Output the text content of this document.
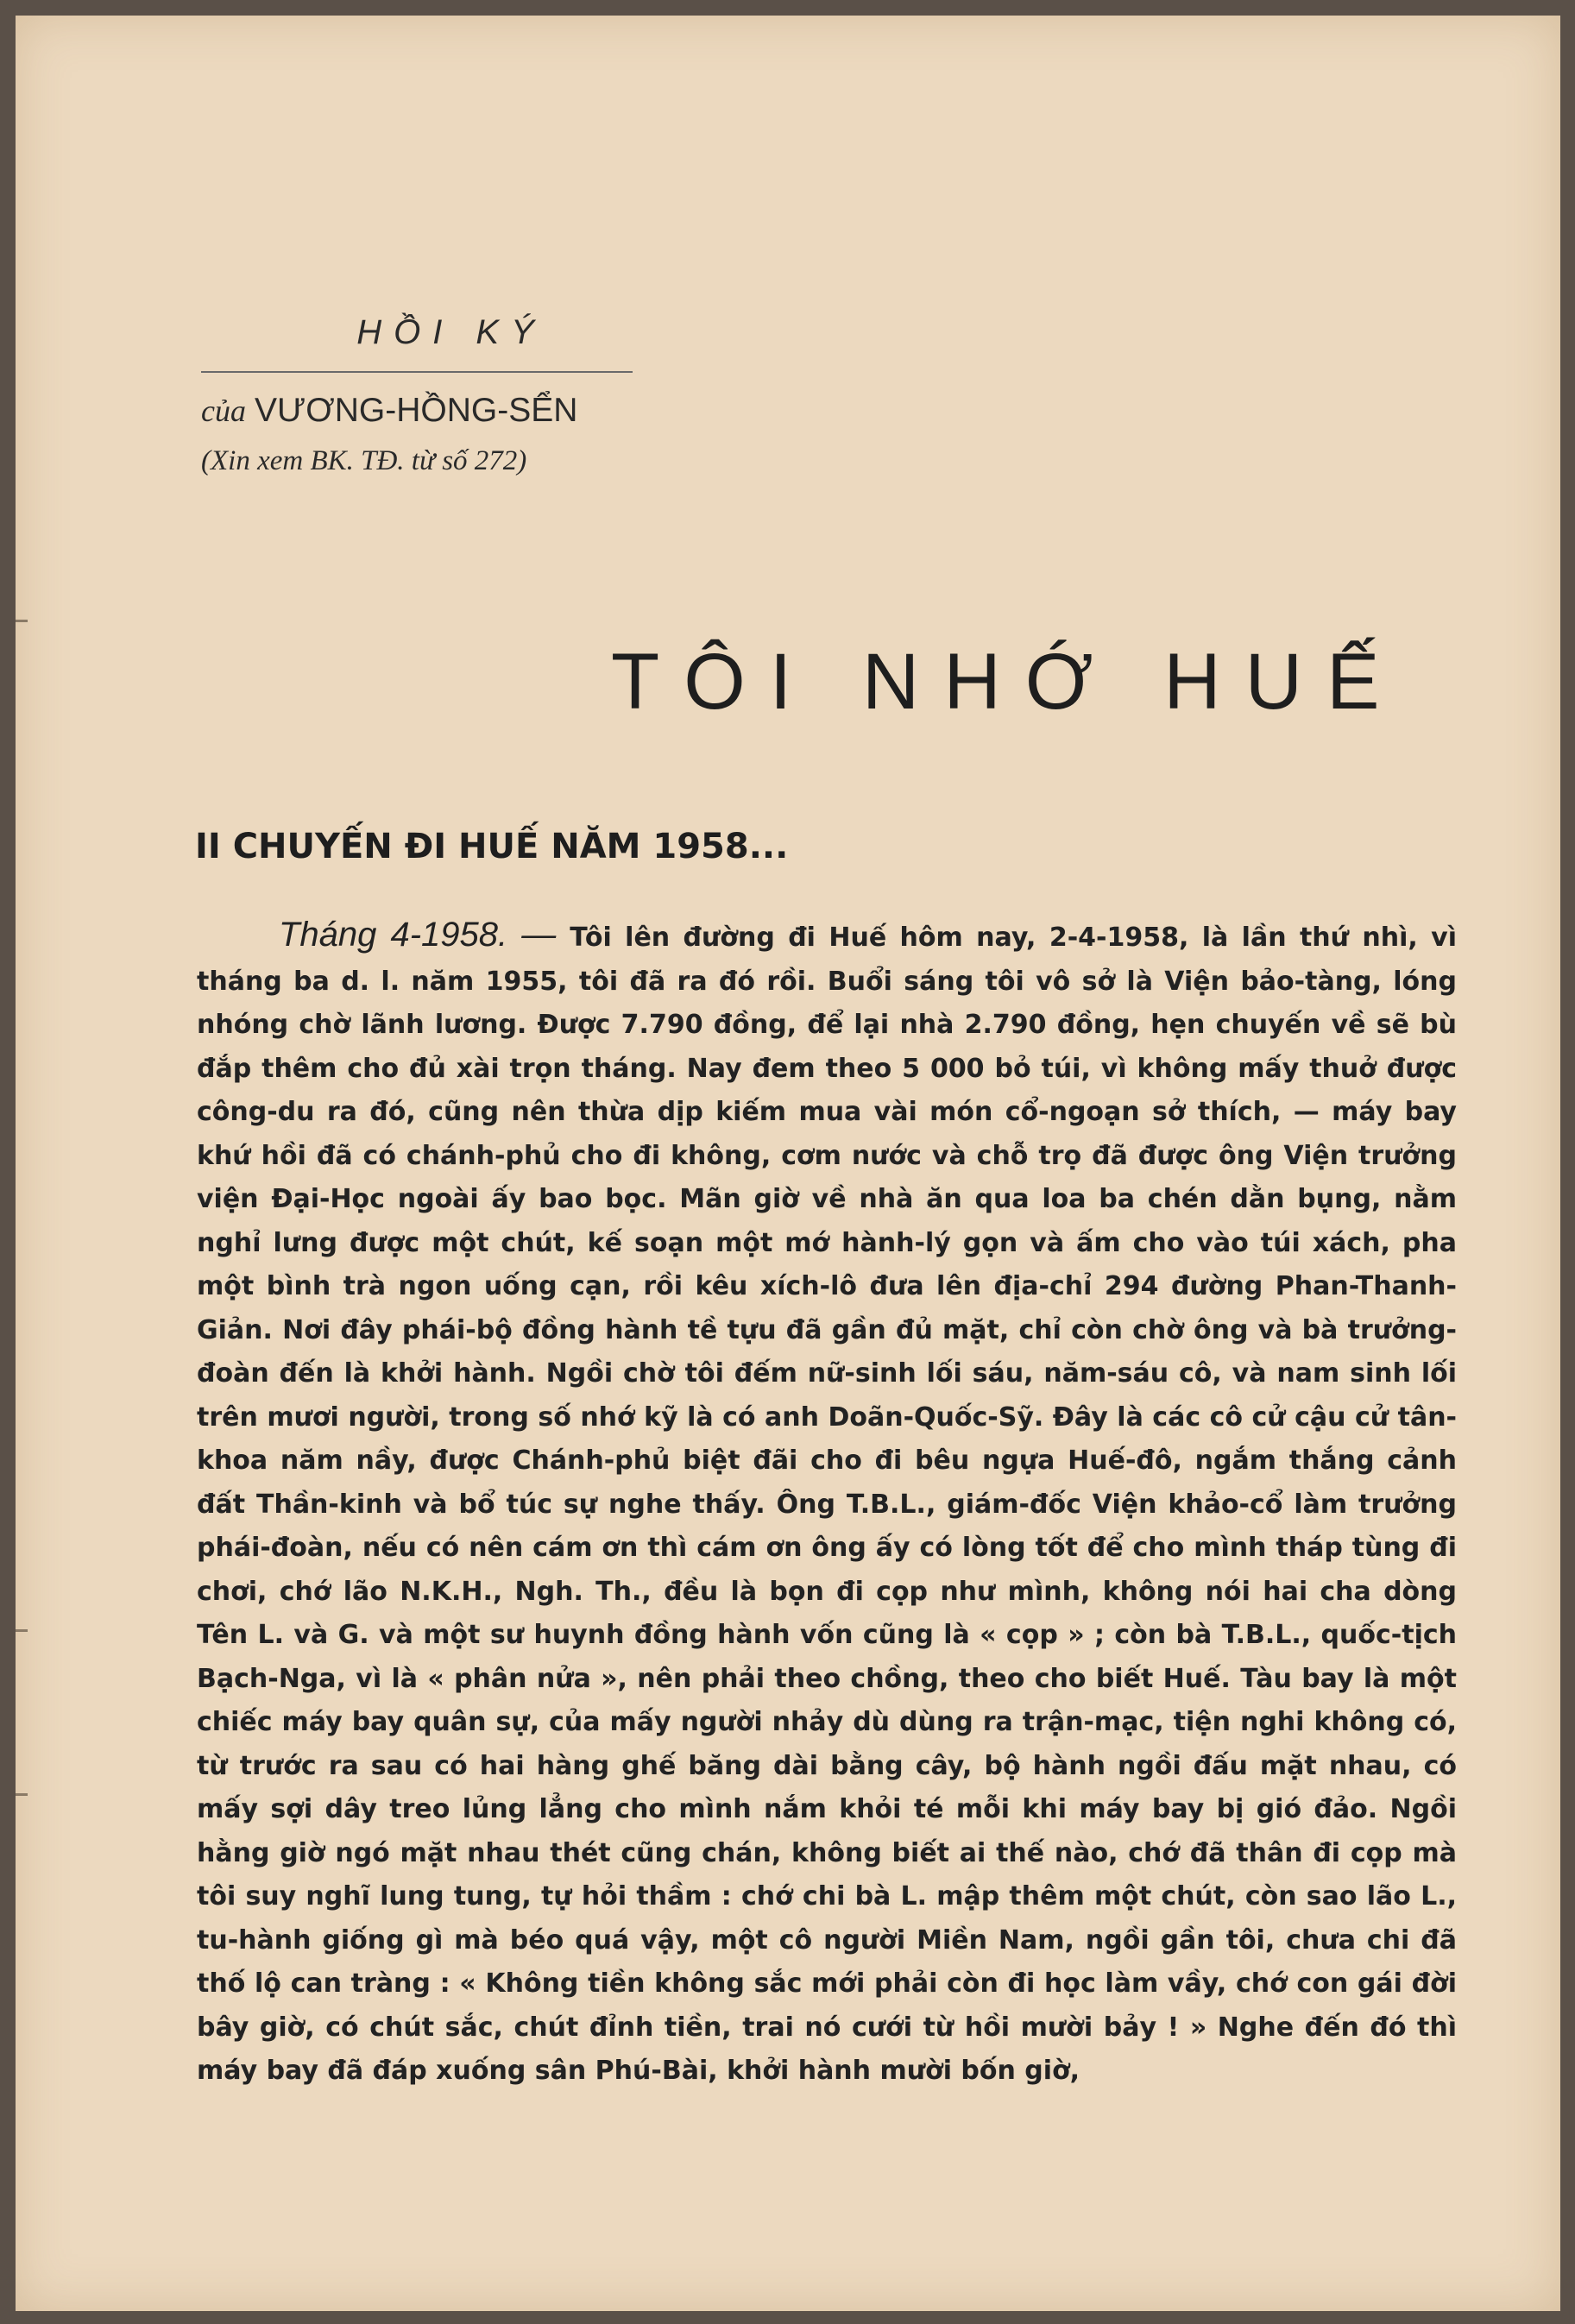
HỒI KÝ
của VƯƠNG-HỒNG-SỂN
(Xin xem BK. TĐ. từ số 272)
TÔI NHỚ HUẾ
II CHUYẾN ĐI HUẾ NĂM 1958...
Tháng 4-1958. — Tôi lên đường đi Huế hôm nay, 2-4-1958, là lần thứ nhì, vì tháng ba d. l. năm 1955, tôi đã ra đó rồi. Buổi sáng tôi vô sở là Viện bảo-tàng, lóng nhóng chờ lãnh lương. Được 7.790 đồng, để lại nhà 2.790 đồng, hẹn chuyến về sẽ bù đắp thêm cho đủ xài trọn tháng. Nay đem theo 5 000 bỏ túi, vì không mấy thuở được công-du ra đó, cũng nên thừa dịp kiếm mua vài món cổ-ngoạn sở thích, — máy bay khứ hồi đã có chánh-phủ cho đi không, cơm nước và chỗ trọ đã được ông Viện trưởng viện Đại-Học ngoài ấy bao bọc. Mãn giờ về nhà ăn qua loa ba chén dằn bụng, nằm nghỉ lưng được một chút, kế soạn một mớ hành-lý gọn và ấm cho vào túi xách, pha một bình trà ngon uống cạn, rồi kêu xích-lô đưa lên địa-chỉ 294 đường Phan-Thanh-Giản. Nơi đây phái-bộ đồng hành tề tựu đã gần đủ mặt, chỉ còn chờ ông và bà trưởng-đoàn đến là khởi hành. Ngồi chờ tôi đếm nữ-sinh lối sáu, năm-sáu cô, và nam sinh lối trên mươi người, trong số nhớ kỹ là có anh Doãn-Quốc-Sỹ. Đây là các cô cử cậu cử tân-khoa năm nầy, được Chánh-phủ biệt đãi cho đi bêu ngựa Huế-đô, ngắm thắng cảnh đất Thần-kinh và bổ túc sự nghe thấy. Ông T.B.L., giám-đốc Viện khảo-cổ làm trưởng phái-đoàn, nếu có nên cám ơn thì cám ơn ông ấy có lòng tốt để cho mình tháp tùng đi chơi, chớ lão N.K.H., Ngh. Th., đều là bọn đi cọp như mình, không nói hai cha dòng Tên L. và G. và một sư huynh đồng hành vốn cũng là « cọp » ; còn bà T.B.L., quốc-tịch Bạch-Nga, vì là « phân nửa », nên phải theo chồng, theo cho biết Huế. Tàu bay là một chiếc máy bay quân sự, của mấy người nhảy dù dùng ra trận-mạc, tiện nghi không có, từ trước ra sau có hai hàng ghế băng dài bằng cây, bộ hành ngồi đấu mặt nhau, có mấy sợi dây treo lủng lẳng cho mình nắm khỏi té mỗi khi máy bay bị gió đảo. Ngồi hằng giờ ngó mặt nhau thét cũng chán, không biết ai thế nào, chớ đã thân đi cọp mà tôi suy nghĩ lung tung, tự hỏi thầm : chớ chi bà L. mập thêm một chút, còn sao lão L., tu-hành giống gì mà béo quá vậy, một cô người Miền Nam, ngồi gần tôi, chưa chi đã thố lộ can tràng : « Không tiền không sắc mới phải còn đi học làm vầy, chớ con gái đời bây giờ, có chút sắc, chút đỉnh tiền, trai nó cưới từ hồi mười bảy ! » Nghe đến đó thì máy bay đã đáp xuống sân Phú-Bài, khởi hành mười bốn giờ,
